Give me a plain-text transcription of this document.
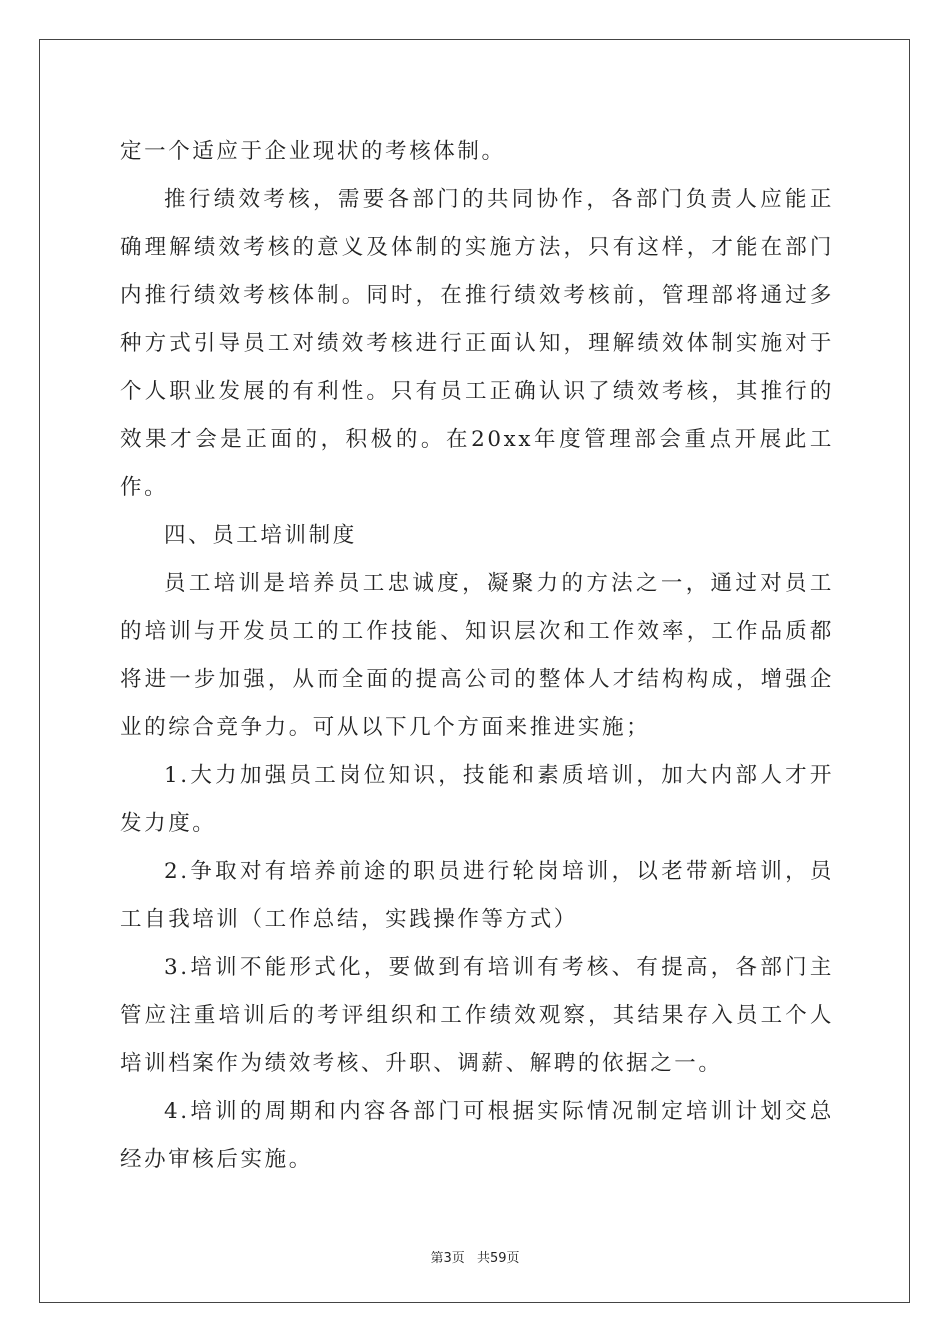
定一个适应于企业现状的考核体制。

推行绩效考核，需要各部门的共同协作，各部门负责人应能正确理解绩效考核的意义及体制的实施方法，只有这样，才能在部门内推行绩效考核体制。同时，在推行绩效考核前，管理部将通过多种方式引导员工对绩效考核进行正面认知，理解绩效体制实施对于个人职业发展的有利性。只有员工正确认识了绩效考核，其推行的效果才会是正面的，积极的。在20xx年度管理部会重点开展此工作。

四、员工培训制度

员工培训是培养员工忠诚度，凝聚力的方法之一，通过对员工的培训与开发员工的工作技能、知识层次和工作效率，工作品质都将进一步加强，从而全面的提高公司的整体人才结构构成，增强企业的综合竞争力。可从以下几个方面来推进实施；

1.大力加强员工岗位知识，技能和素质培训，加大内部人才开发力度。

2.争取对有培养前途的职员进行轮岗培训，以老带新培训，员工自我培训（工作总结，实践操作等方式）

3.培训不能形式化，要做到有培训有考核、有提高，各部门主管应注重培训后的考评组织和工作绩效观察，其结果存入员工个人培训档案作为绩效考核、升职、调薪、解聘的依据之一。

4.培训的周期和内容各部门可根据实际情况制定培训计划交总经办审核后实施。

第3页 共59页
